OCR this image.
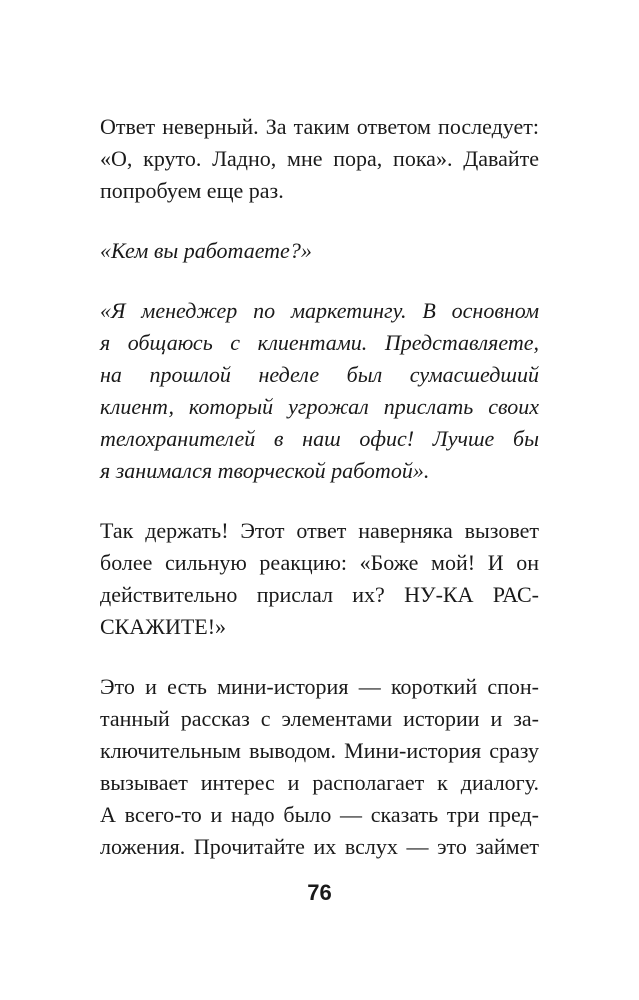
Ответ неверный. За таким ответом последует:
«О, круто. Ладно, мне пора, пока». Давайте
попробуем еще раз.
«Кем вы работаете?»
«Я менеджер по маркетингу. В основном
я общаюсь с клиентами. Представляете,
на прошлой неделе был сумасшедший
клиент, который угрожал прислать своих
телохранителей в наш офис! Лучше бы
я занимался творческой работой».
Так держать! Этот ответ наверняка вызовет
более сильную реакцию: «Боже мой! И он
действительно прислал их? НУ-КА РАС-
СКАЖИТЕ!»
Это и есть мини-история — короткий спон-
танный рассказ с элементами истории и за-
ключительным выводом. Мини-история сразу
вызывает интерес и располагает к диалогу.
А всего-то и надо было — сказать три пред-
ложения. Прочитайте их вслух — это займет
76
